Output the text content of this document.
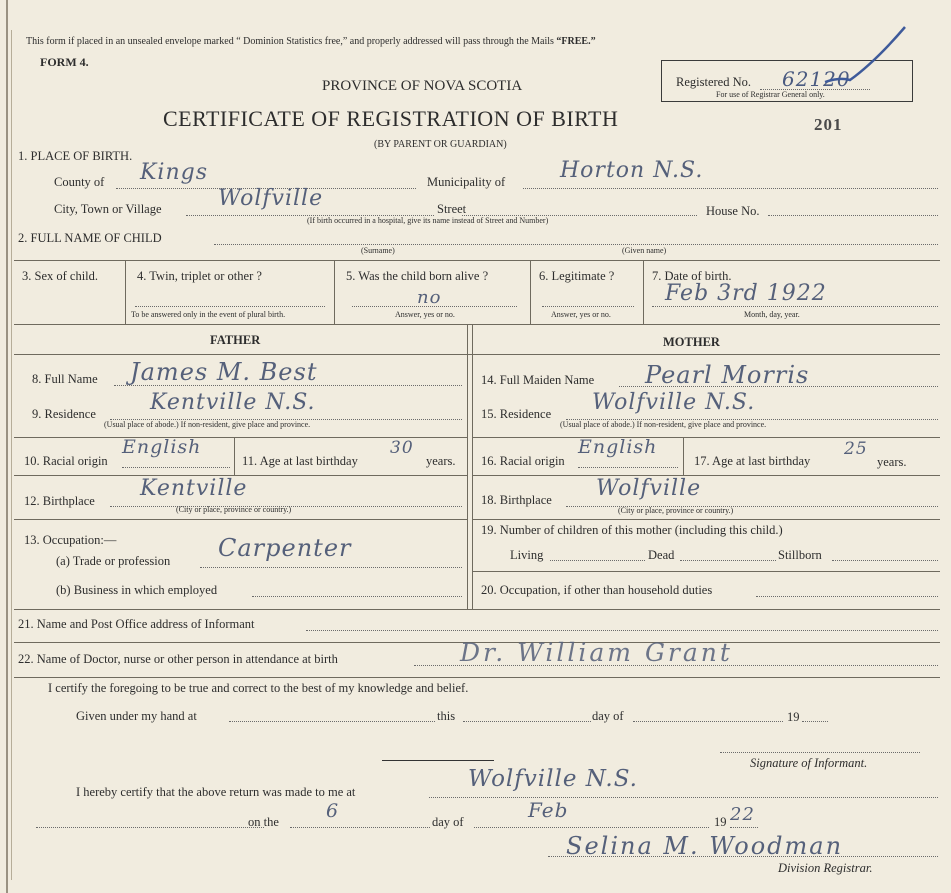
This form if placed in an unsealed envelope marked “ Dominion Statistics free,” and properly addressed will pass through the Mails “FREE.”
FORM 4.
PROVINCE OF NOVA SCOTIA
CERTIFICATE OF REGISTRATION OF BIRTH
(BY PARENT OR GUARDIAN)
Registered No. 62120
For use of Registrar General only.
201
1. PLACE OF BIRTH.
County of Kings	Municipality of Horton N.S.
City, Town or Village	Wolfville	Street	House No.
(If birth occurred in a hospital, give its name instead of Street and Number)
2. FULL NAME OF CHILD
(Surname)	(Given name)
3. Sex of child.	4. Twin, triplet or other ?
To be answered only in the event of plural birth.
5. Was the child born alive ?
no
Answer, yes or no.
6. Legitimate ?
Answer, yes or no.
7. Date of birth.
Feb 3rd 1922
Month, day, year.
FATHER	MOTHER
8. Full Name James M. Best
9. Residence Kentville N.S.
(Usual place of abode.) If non-resident, give place and province.
10. Racial origin
English
11. Age at last birthday
30
years.
12. Birthplace Kentville
(City or place, province or country.)
13. Occupation:—
(a) Trade or profession Carpenter
(b) Business in which employed
14. Full Maiden Name Pearl Morris
15. Residence Wolfville N.S.
(Usual place of abode.) If non-resident, give place and province.
16. Racial origin
English
17. Age at last birthday
25
years.
18. Birthplace Wolfville
(City or place, province or country.)
19. Number of children of this mother (including this child.)
Living	Dead	Stillborn
20. Occupation, if other than household duties
21. Name and Post Office address of Informant
22. Name of Doctor, nurse or other person in attendance at birth	Dr. William Grant
I certify the foregoing to be true and correct to the best of my knowledge and belief.
Given under my hand at	this	day of	19
Signature of Informant.
I hereby certify that the above return was made to me at	Wolfville N.S.
on the 6	day of	Feb	19 22
Selina M. Woodman
Division Registrar.
